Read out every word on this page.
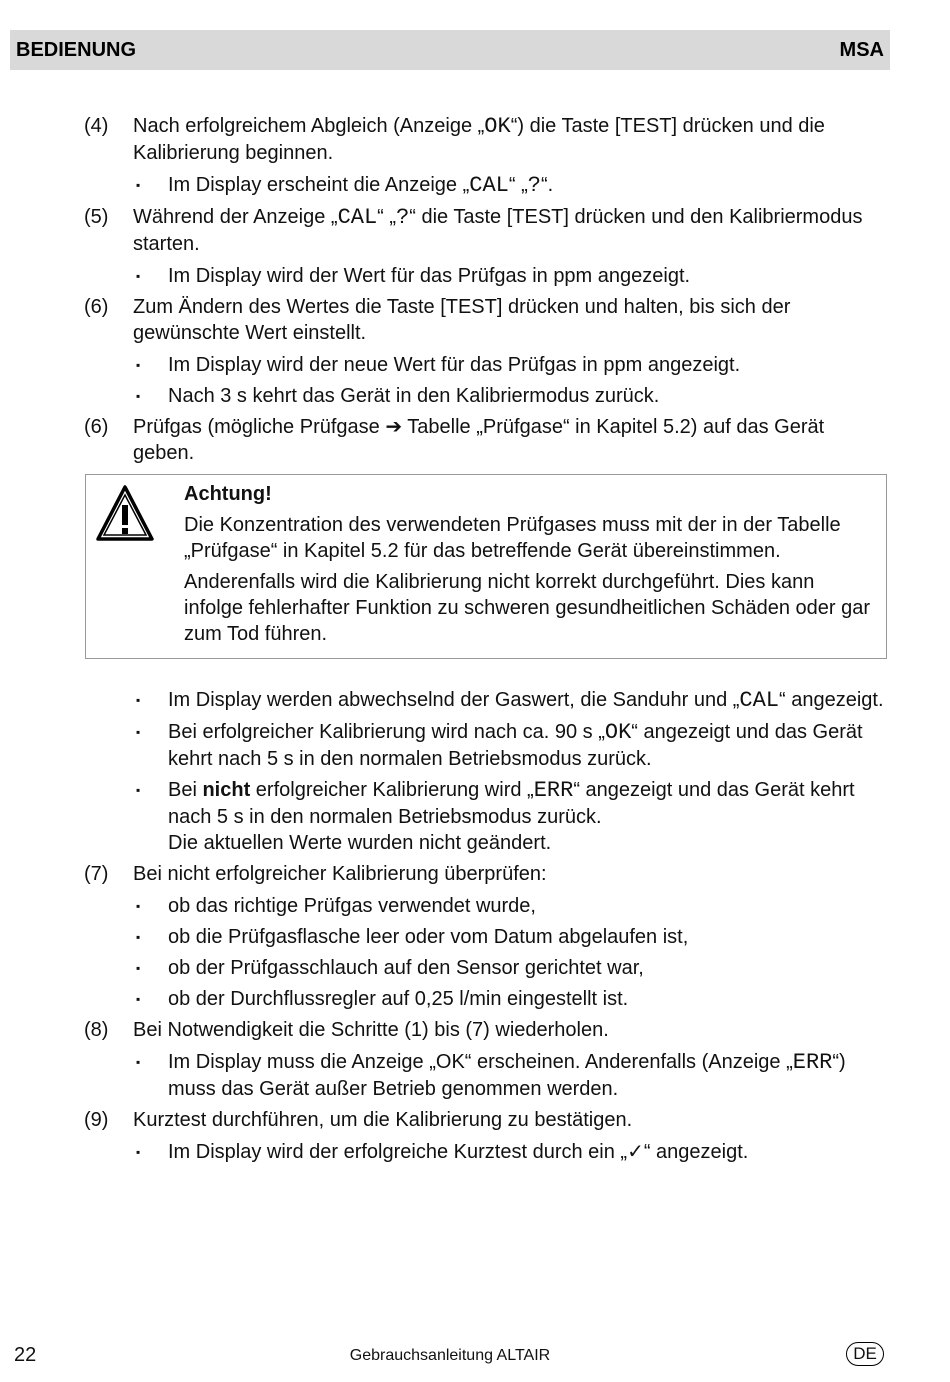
BEDIENUNG	MSA
(4)	Nach erfolgreichem Abgleich (Anzeige „OK“) die Taste [TEST] drücken und die Kalibrierung beginnen.
▪	Im Display erscheint die Anzeige „CAL“ „?“.
(5)	Während der Anzeige „CAL“ „?“ die Taste [TEST] drücken und den Kalibriermodus starten.
▪	Im Display wird der Wert für das Prüfgas in ppm angezeigt.
(6)	Zum Ändern des Wertes die Taste [TEST] drücken und halten, bis sich der gewünschte Wert einstellt.
▪	Im Display wird der neue Wert für das Prüfgas in ppm angezeigt.
▪	Nach 3 s kehrt das Gerät in den Kalibriermodus zurück.
(6)	Prüfgas (mögliche Prüfgase ➔ Tabelle „Prüfgase“ in Kapitel 5.2) auf das Gerät geben.
Achtung!

Die Konzentration des verwendeten Prüfgases muss mit der in der Tabelle „Prüfgase“ in Kapitel 5.2 für das betreffende Gerät übereinstimmen.

Anderenfalls wird die Kalibrierung nicht korrekt durchgeführt. Dies kann infolge fehlerhafter Funktion zu schweren gesundheitlichen Schäden oder gar zum Tod führen.

▪	Im Display werden abwechselnd der Gaswert, die Sanduhr und „CAL“ angezeigt.
▪	Bei erfolgreicher Kalibrierung wird nach ca. 90 s „OK“ angezeigt und das Gerät kehrt nach 5 s in den normalen Betriebsmodus zurück.
▪	Bei nicht erfolgreicher Kalibrierung wird „ERR“ angezeigt und das Gerät kehrt nach 5 s in den normalen Betriebsmodus zurück.
Die aktuellen Werte wurden nicht geändert.
(7)	Bei nicht erfolgreicher Kalibrierung überprüfen:
▪	ob das richtige Prüfgas verwendet wurde,
▪	ob die Prüfgasflasche leer oder vom Datum abgelaufen ist,
▪	ob der Prüfgasschlauch auf den Sensor gerichtet war,
▪	ob der Durchflussregler auf 0,25 l/min eingestellt ist.
(8)	Bei Notwendigkeit die Schritte (1) bis (7) wiederholen.
▪	Im Display muss die Anzeige „OK“ erscheinen. Anderenfalls (Anzeige „ERR“) muss das Gerät außer Betrieb genommen werden.
(9)	Kurztest durchführen, um die Kalibrierung zu bestätigen.
▪	Im Display wird der erfolgreiche Kurztest durch ein „✓“ angezeigt.
22	Gebrauchsanleitung ALTAIR	DE
